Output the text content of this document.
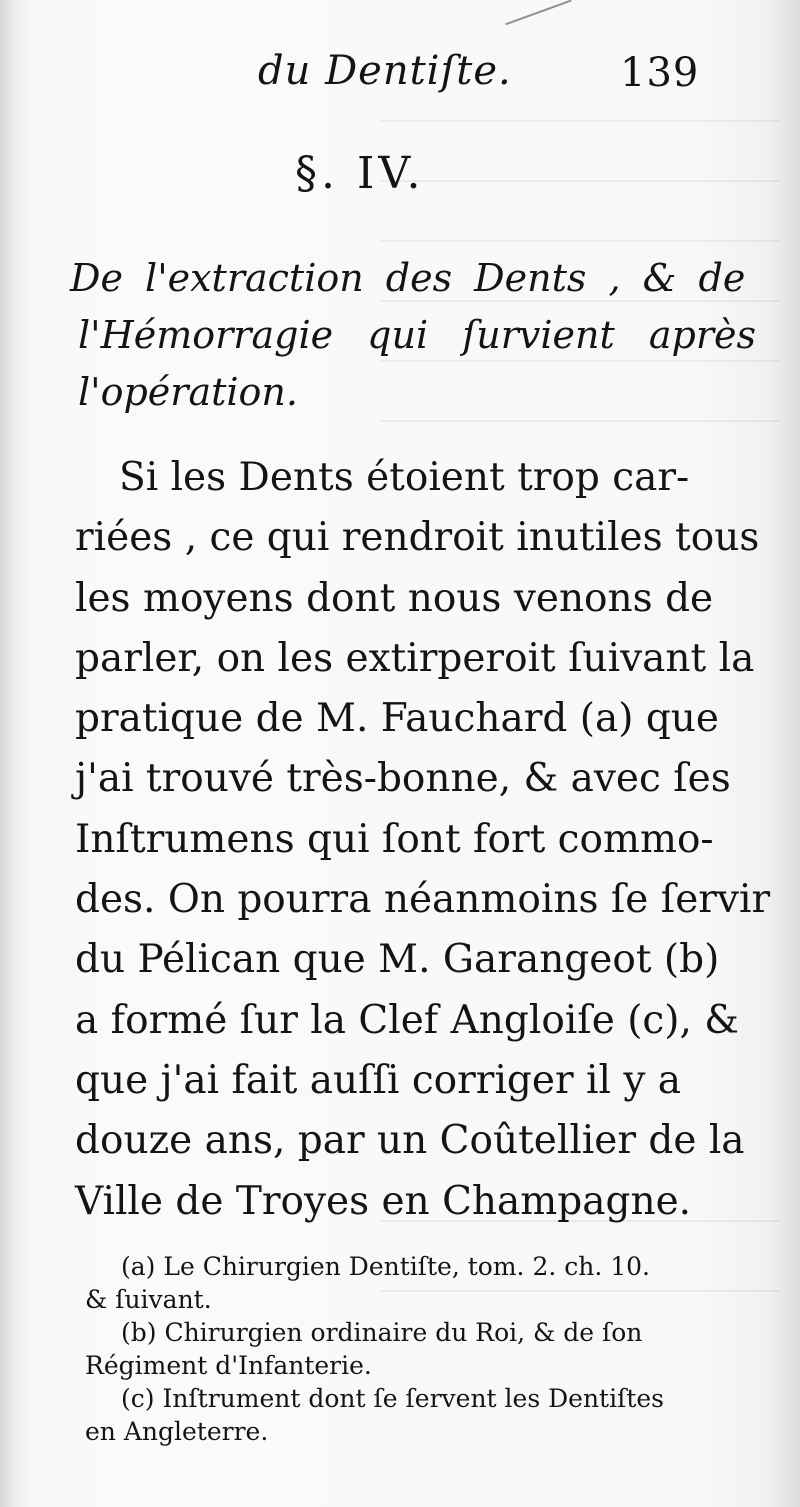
du Dentiſte.	139
§. IV.
De l'extraction des Dents , & de
l'Hémorragie qui ſurvient après
l'opération.
Si les Dents étoient trop car-
riées , ce qui rendroit inutiles tous
les moyens dont nous venons de
parler, on les extirperoit ſuivant la
pratique de M. Fauchard (a) que
j'ai trouvé très-bonne, & avec ſes
Inſtrumens qui ſont fort commo-
des. On pourra néanmoins ſe ſervir
du Pélican que M. Garangeot (b)
a formé ſur la Clef Angloiſe (c), &
que j'ai fait auſſi corriger il y a
douze ans, par un Coûtellier de la
Ville de Troyes en Champagne.
(a) Le Chirurgien Dentiſte, tom. 2. ch. 10.
& ſuivant.
(b) Chirurgien ordinaire du Roi, & de ſon
Régiment d'Infanterie.
(c) Inſtrument dont ſe ſervent les Dentiſtes
en Angleterre.
